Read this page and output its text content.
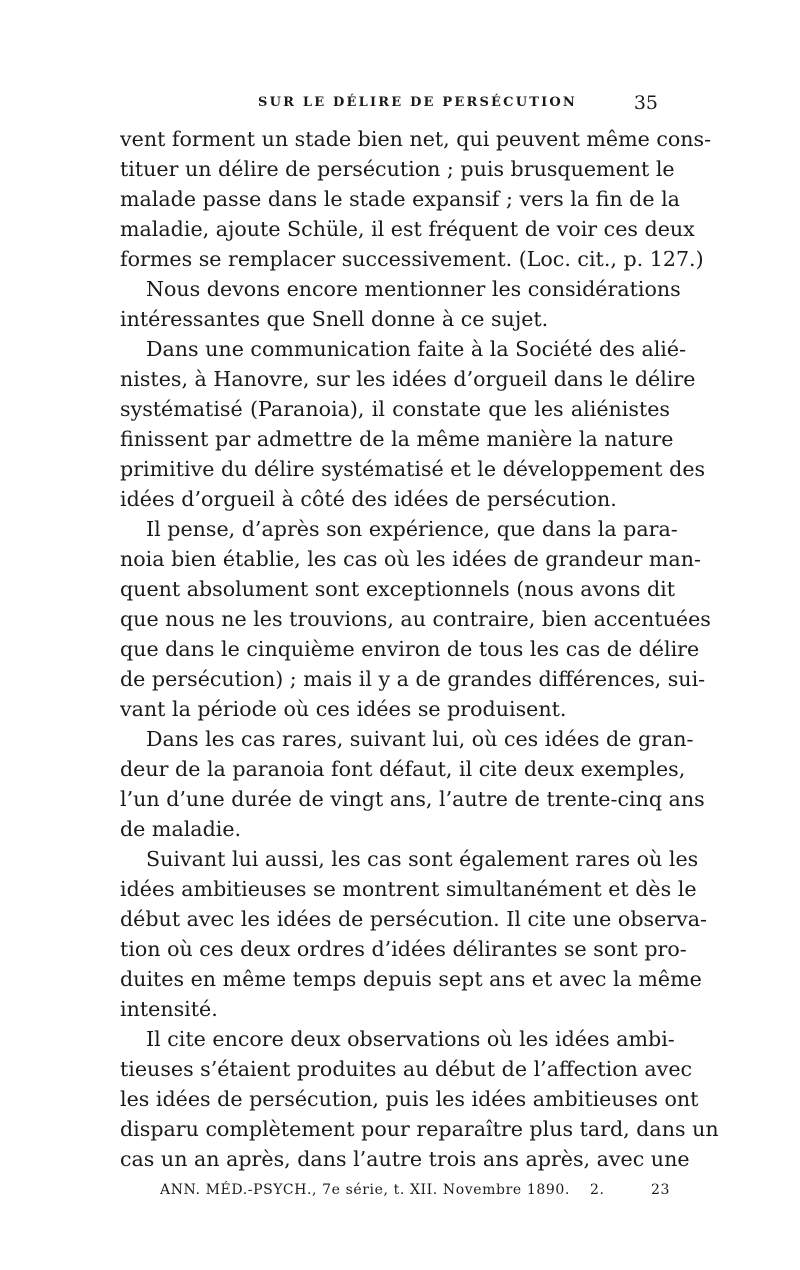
SUR LE DÉLIRE DE PERSÉCUTION	35
vent forment un stade bien net, qui peuvent même cons-
tituer un délire de persécution ; puis brusquement le
malade passe dans le stade expansif ; vers la fin de la
maladie, ajoute Schüle, il est fréquent de voir ces deux
formes se remplacer successivement. (Loc. cit., p. 127.)
Nous devons encore mentionner les considérations
intéressantes que Snell donne à ce sujet.
Dans une communication faite à la Société des alié-
nistes, à Hanovre, sur les idées d’orgueil dans le délire
systématisé (Paranoia), il constate que les aliénistes
finissent par admettre de la même manière la nature
primitive du délire systématisé et le développement des
idées d’orgueil à côté des idées de persécution.
Il pense, d’après son expérience, que dans la para-
noia bien établie, les cas où les idées de grandeur man-
quent absolument sont exceptionnels (nous avons dit
que nous ne les trouvions, au contraire, bien accentuées
que dans le cinquième environ de tous les cas de délire
de persécution) ; mais il y a de grandes différences, sui-
vant la période où ces idées se produisent.
Dans les cas rares, suivant lui, où ces idées de gran-
deur de la paranoia font défaut, il cite deux exemples,
l’un d’une durée de vingt ans, l’autre de trente-cinq ans
de maladie.
Suivant lui aussi, les cas sont également rares où les
idées ambitieuses se montrent simultanément et dès le
début avec les idées de persécution. Il cite une observa-
tion où ces deux ordres d’idées délirantes se sont pro-
duites en même temps depuis sept ans et avec la même
intensité.
Il cite encore deux observations où les idées ambi-
tieuses s’étaient produites au début de l’affection avec
les idées de persécution, puis les idées ambitieuses ont
disparu complètement pour reparaître plus tard, dans un
cas un an après, dans l’autre trois ans après, avec une
ANN. MÉD.-PSYCH., 7e série, t. XII. Novembre 1890. 2.	23
